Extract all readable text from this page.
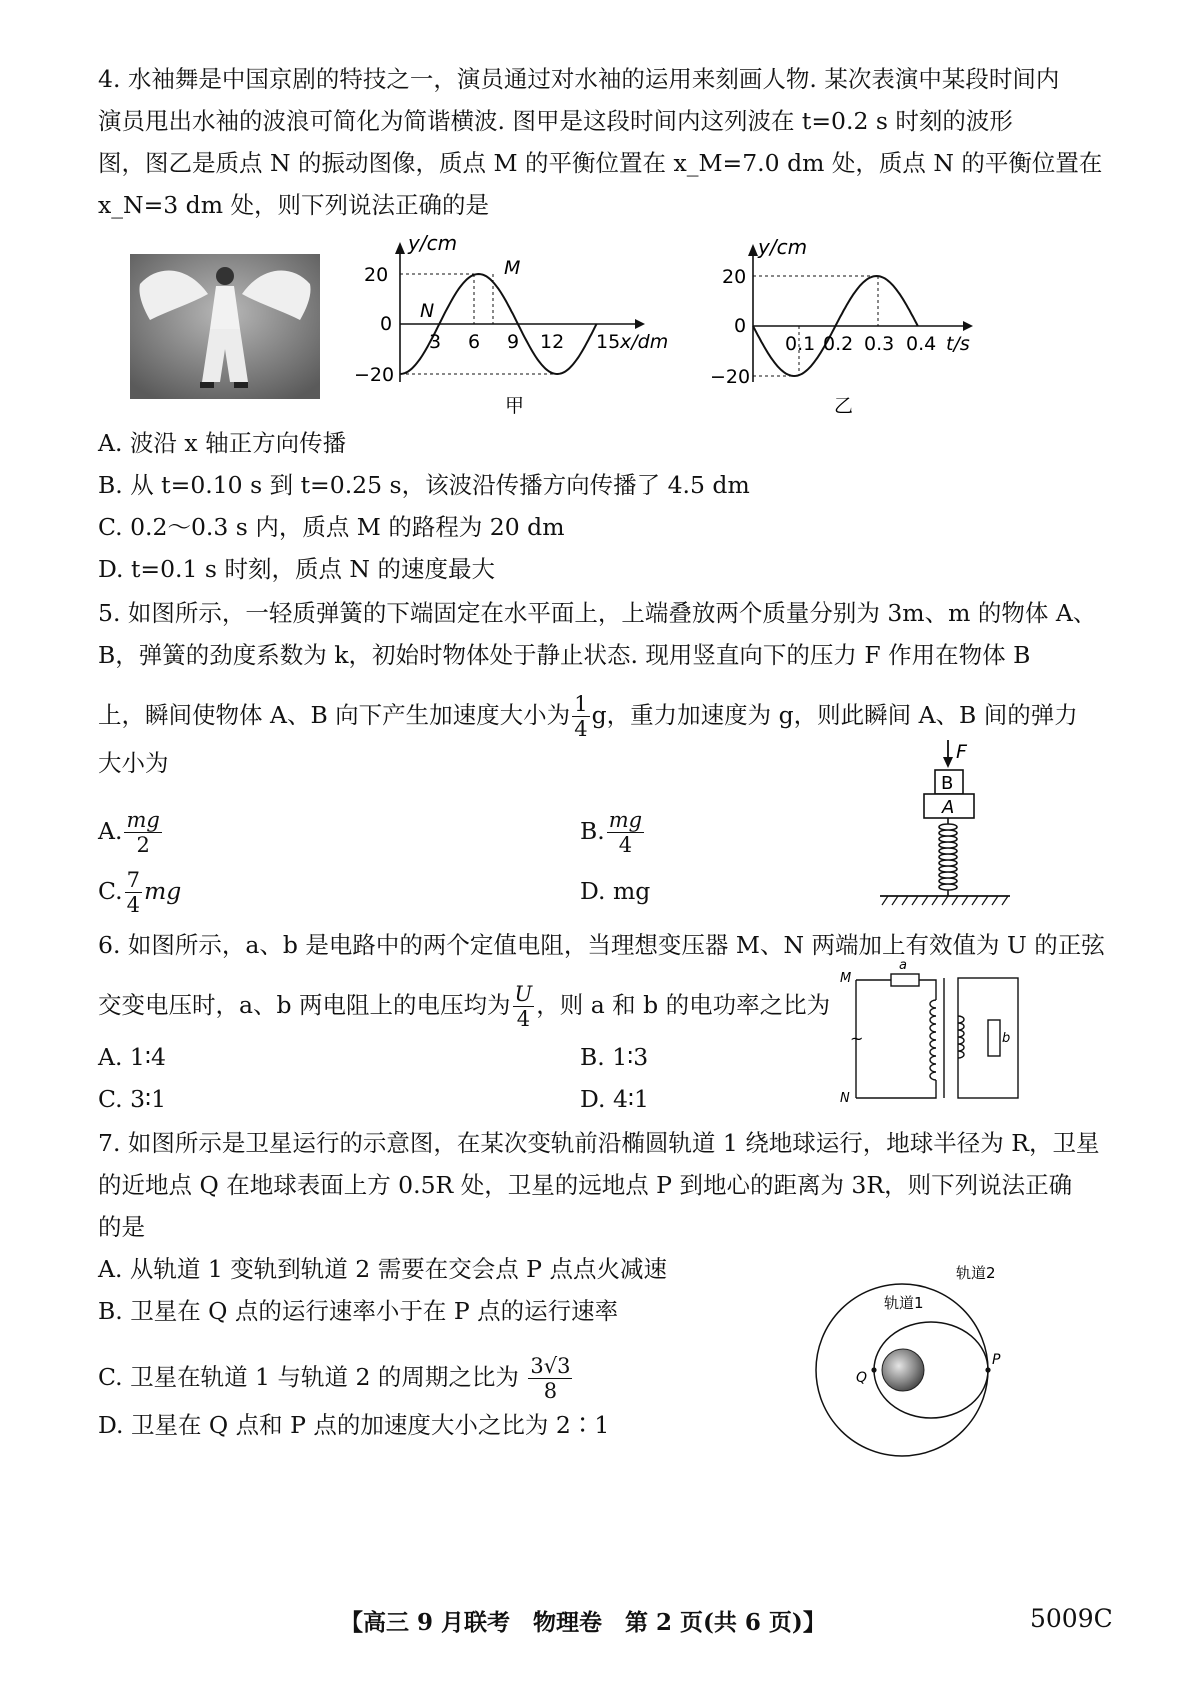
4. 水袖舞是中国京剧的特技之一，演员通过对水袖的运用来刻画人物. 某次表演中某段时间内
演员甩出水袖的波浪可简化为简谐横波. 图甲是这段时间内这列波在 t=0.2 s 时刻的波形
图，图乙是质点 N 的振动图像，质点 M 的平衡位置在 x_M=7.0 dm 处，质点 N 的平衡位置在
x_N=3 dm 处，则下列说法正确的是
y/cm
20
0
−20
3 6 9 12 15 x/dm
M
N
甲
y/cm
20
0
−20
0.1 0.2 0.3 0.4 t/s
乙
A. 波沿 x 轴正方向传播
B. 从 t=0.10 s 到 t=0.25 s，该波沿传播方向传播了 4.5 dm
C. 0.2～0.3 s 内，质点 M 的路程为 20 dm
D. t=0.1 s 时刻，质点 N 的速度最大
5. 如图所示，一轻质弹簧的下端固定在水平面上，上端叠放两个质量分别为 3m、m 的物体 A、
B，弹簧的劲度系数为 k，初始时物体处于静止状态. 现用竖直向下的压力 F 作用在物体 B
上，瞬间使物体 A、B 向下产生加速度大小为 $\frac{1}{4}$ g，重力加速度为 g，则此瞬间 A、B 间的弹力
大小为
A. $\frac{mg}{2}$	B. $\frac{mg}{4}$
C. $\frac{7}{4}$ mg	D. mg
F
B
A
6. 如图所示，a、b 是电路中的两个定值电阻，当理想变压器 M、N 两端加上有效值为 U 的正弦
交变电压时，a、b 两电阻上的电压均为 $\frac{U}{4}$ ，则 a 和 b 的电功率之比为
A. 1∶4	B. 1∶3
C. 3∶1	D. 4∶1
M
N
a
b
~
7. 如图所示是卫星运行的示意图，在某次变轨前沿椭圆轨道 1 绕地球运行，地球半径为 R，卫星
的近地点 Q 在地球表面上方 0.5R 处，卫星的远地点 P 到地心的距离为 3R，则下列说法正确
的是
A. 从轨道 1 变轨到轨道 2 需要在交会点 P 点点火减速
B. 卫星在 Q 点的运行速率小于在 P 点的运行速率
C. 卫星在轨道 1 与轨道 2 的周期之比为 $\frac{3√3}{8}$
D. 卫星在 Q 点和 P 点的加速度大小之比为 2∶1
轨道2
轨道1
Q
P
【高三 9 月联考　物理卷　第 2 页(共 6 页)】	5009C
